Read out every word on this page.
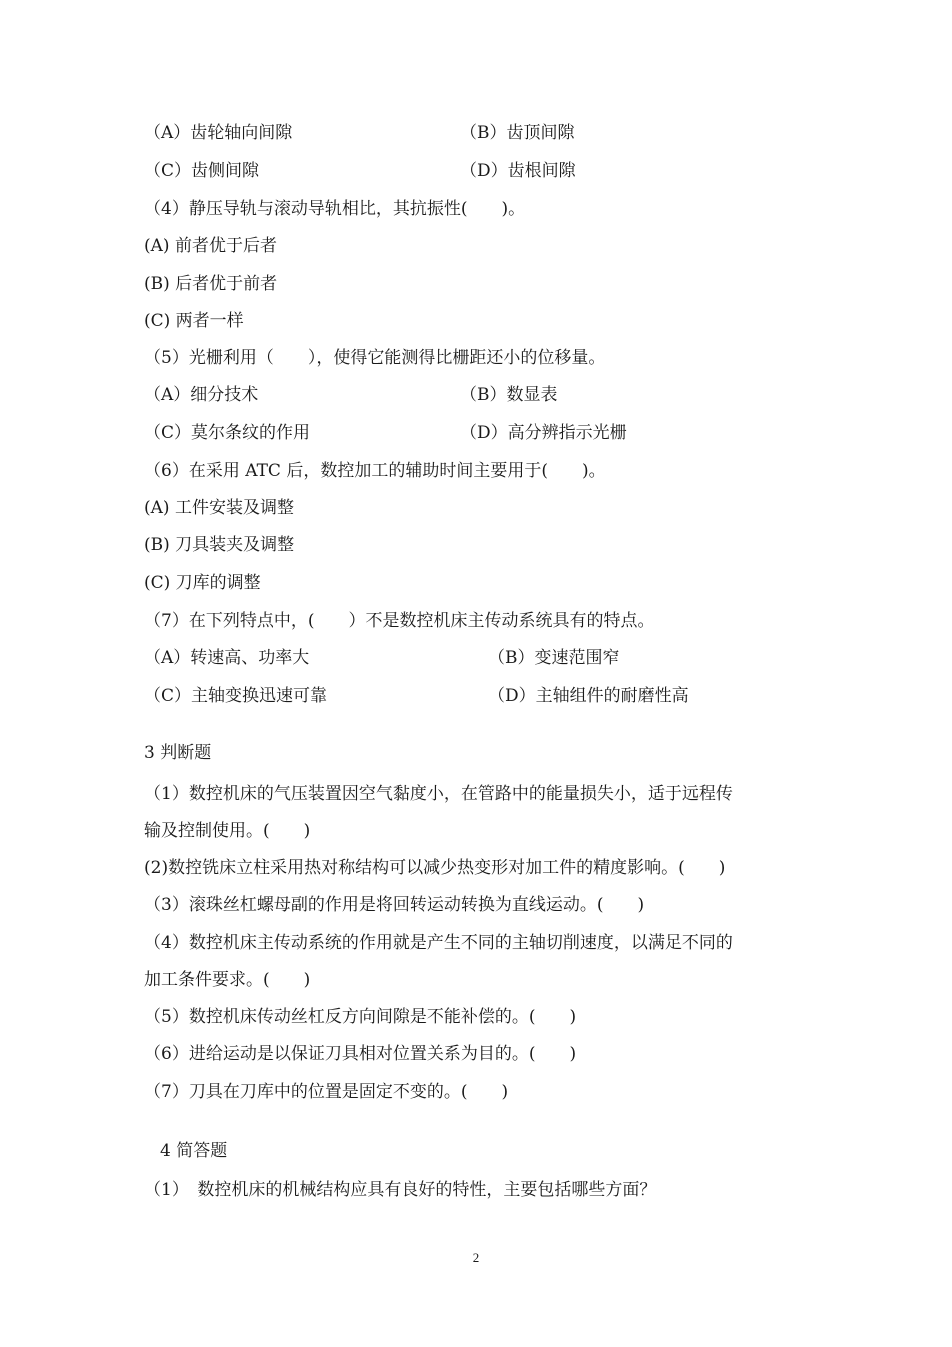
（A）齿轮轴向间隙	（B）齿顶间隙
（C）齿侧间隙	（D）齿根间隙
（4）静压导轨与滚动导轨相比，其抗振性(　　)。
(A) 前者优于后者
(B) 后者优于前者
(C) 两者一样
（5）光栅利用（　　），使得它能测得比栅距还小的位移量。
（A）细分技术	（B）数显表
（C）莫尔条纹的作用	（D）高分辨指示光栅
（6）在采用 ATC 后，数控加工的辅助时间主要用于(　　)。
(A) 工件安装及调整
(B) 刀具装夹及调整
(C) 刀库的调整
（7）在下列特点中，(　　）不是数控机床主传动系统具有的特点。
（A）转速高、功率大	（B）变速范围窄
（C）主轴变换迅速可靠	（D）主轴组件的耐磨性高
3 判断题
（1）数控机床的气压装置因空气黏度小，在管路中的能量损失小，适于远程传
输及控制使用。(　　)
(2)数控铣床立柱采用热对称结构可以减少热变形对加工件的精度影响。(　　)
（3）滚珠丝杠螺母副的作用是将回转运动转换为直线运动。(　　)
（4）数控机床主传动系统的作用就是产生不同的主轴切削速度，以满足不同的
加工条件要求。(　　)
（5）数控机床传动丝杠反方向间隙是不能补偿的。(　　)
（6）进给运动是以保证刀具相对位置关系为目的。(　　)
（7）刀具在刀库中的位置是固定不变的。(　　)
4 简答题
（1）　数控机床的机械结构应具有良好的特性，主要包括哪些方面？
2
